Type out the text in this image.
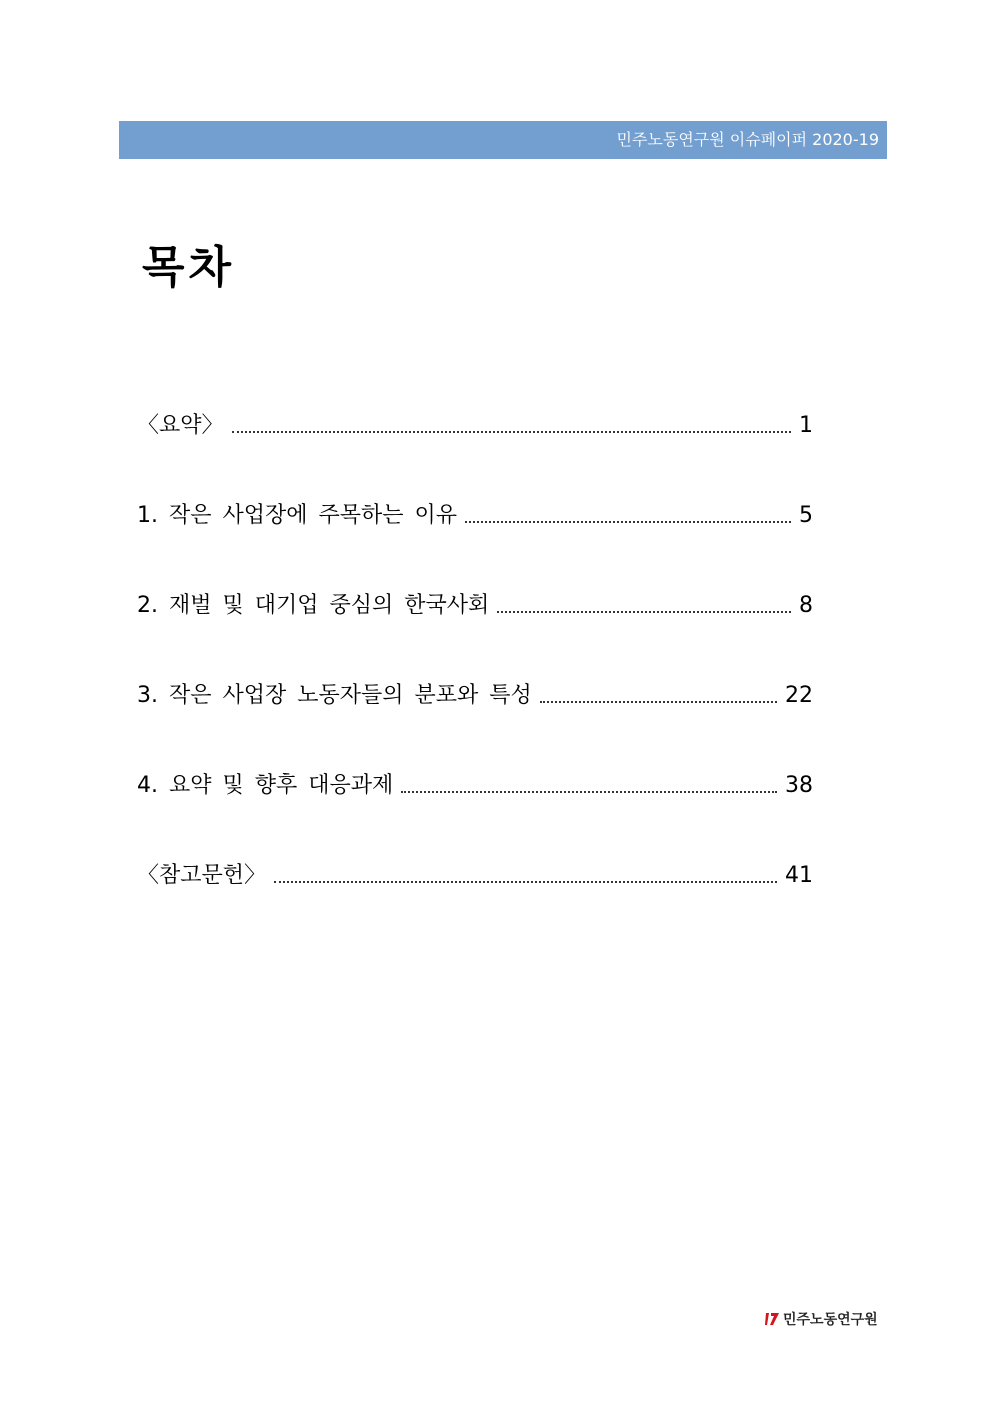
민주노동연구원 이슈페이퍼 2020-19
목차
〈요약〉	1
1. 작은 사업장에 주목하는 이유	5
2. 재벌 및 대기업 중심의 한국사회	8
3. 작은 사업장 노동자들의 분포와 특성	22
4. 요약 및 향후 대응과제	38
〈참고문헌〉	41
민주노동연구원
